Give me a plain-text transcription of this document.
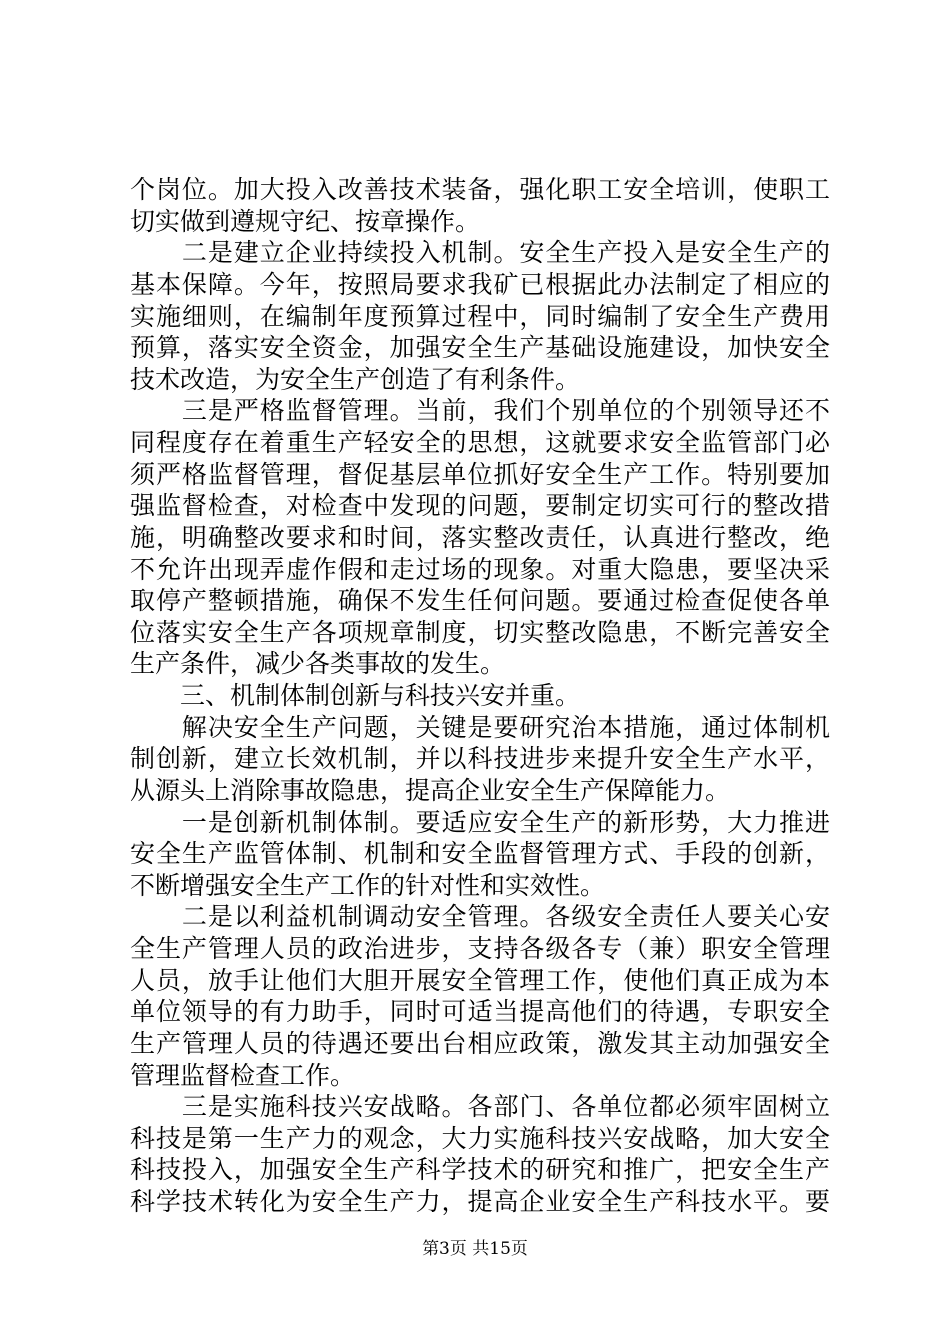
个岗位。加大投入改善技术装备，强化职工安全培训，使职工
切实做到遵规守纪、按章操作。
　　二是建立企业持续投入机制。安全生产投入是安全生产的
基本保障。今年，按照局要求我矿已根据此办法制定了相应的
实施细则，在编制年度预算过程中，同时编制了安全生产费用
预算，落实安全资金，加强安全生产基础设施建设，加快安全
技术改造，为安全生产创造了有利条件。
　　三是严格监督管理。当前，我们个别单位的个别领导还不
同程度存在着重生产轻安全的思想，这就要求安全监管部门必
须严格监督管理，督促基层单位抓好安全生产工作。特别要加
强监督检查，对检查中发现的问题，要制定切实可行的整改措
施，明确整改要求和时间，落实整改责任，认真进行整改，绝
不允许出现弄虚作假和走过场的现象。对重大隐患，要坚决采
取停产整顿措施，确保不发生任何问题。要通过检查促使各单
位落实安全生产各项规章制度，切实整改隐患，不断完善安全
生产条件，减少各类事故的发生。
　　三、机制体制创新与科技兴安并重。
　　解决安全生产问题，关键是要研究治本措施，通过体制机
制创新，建立长效机制，并以科技进步来提升安全生产水平，
从源头上消除事故隐患，提高企业安全生产保障能力。
　　一是创新机制体制。要适应安全生产的新形势，大力推进
安全生产监管体制、机制和安全监督管理方式、手段的创新，
不断增强安全生产工作的针对性和实效性。
　　二是以利益机制调动安全管理。各级安全责任人要关心安
全生产管理人员的政治进步，支持各级各专（兼）职安全管理
人员，放手让他们大胆开展安全管理工作，使他们真正成为本
单位领导的有力助手，同时可适当提高他们的待遇，专职安全
生产管理人员的待遇还要出台相应政策，激发其主动加强安全
管理监督检查工作。
　　三是实施科技兴安战略。各部门、各单位都必须牢固树立
科技是第一生产力的观念，大力实施科技兴安战略，加大安全
科技投入，加强安全生产科学技术的研究和推广，把安全生产
科学技术转化为安全生产力，提高企业安全生产科技水平。要
第3页 共15页
